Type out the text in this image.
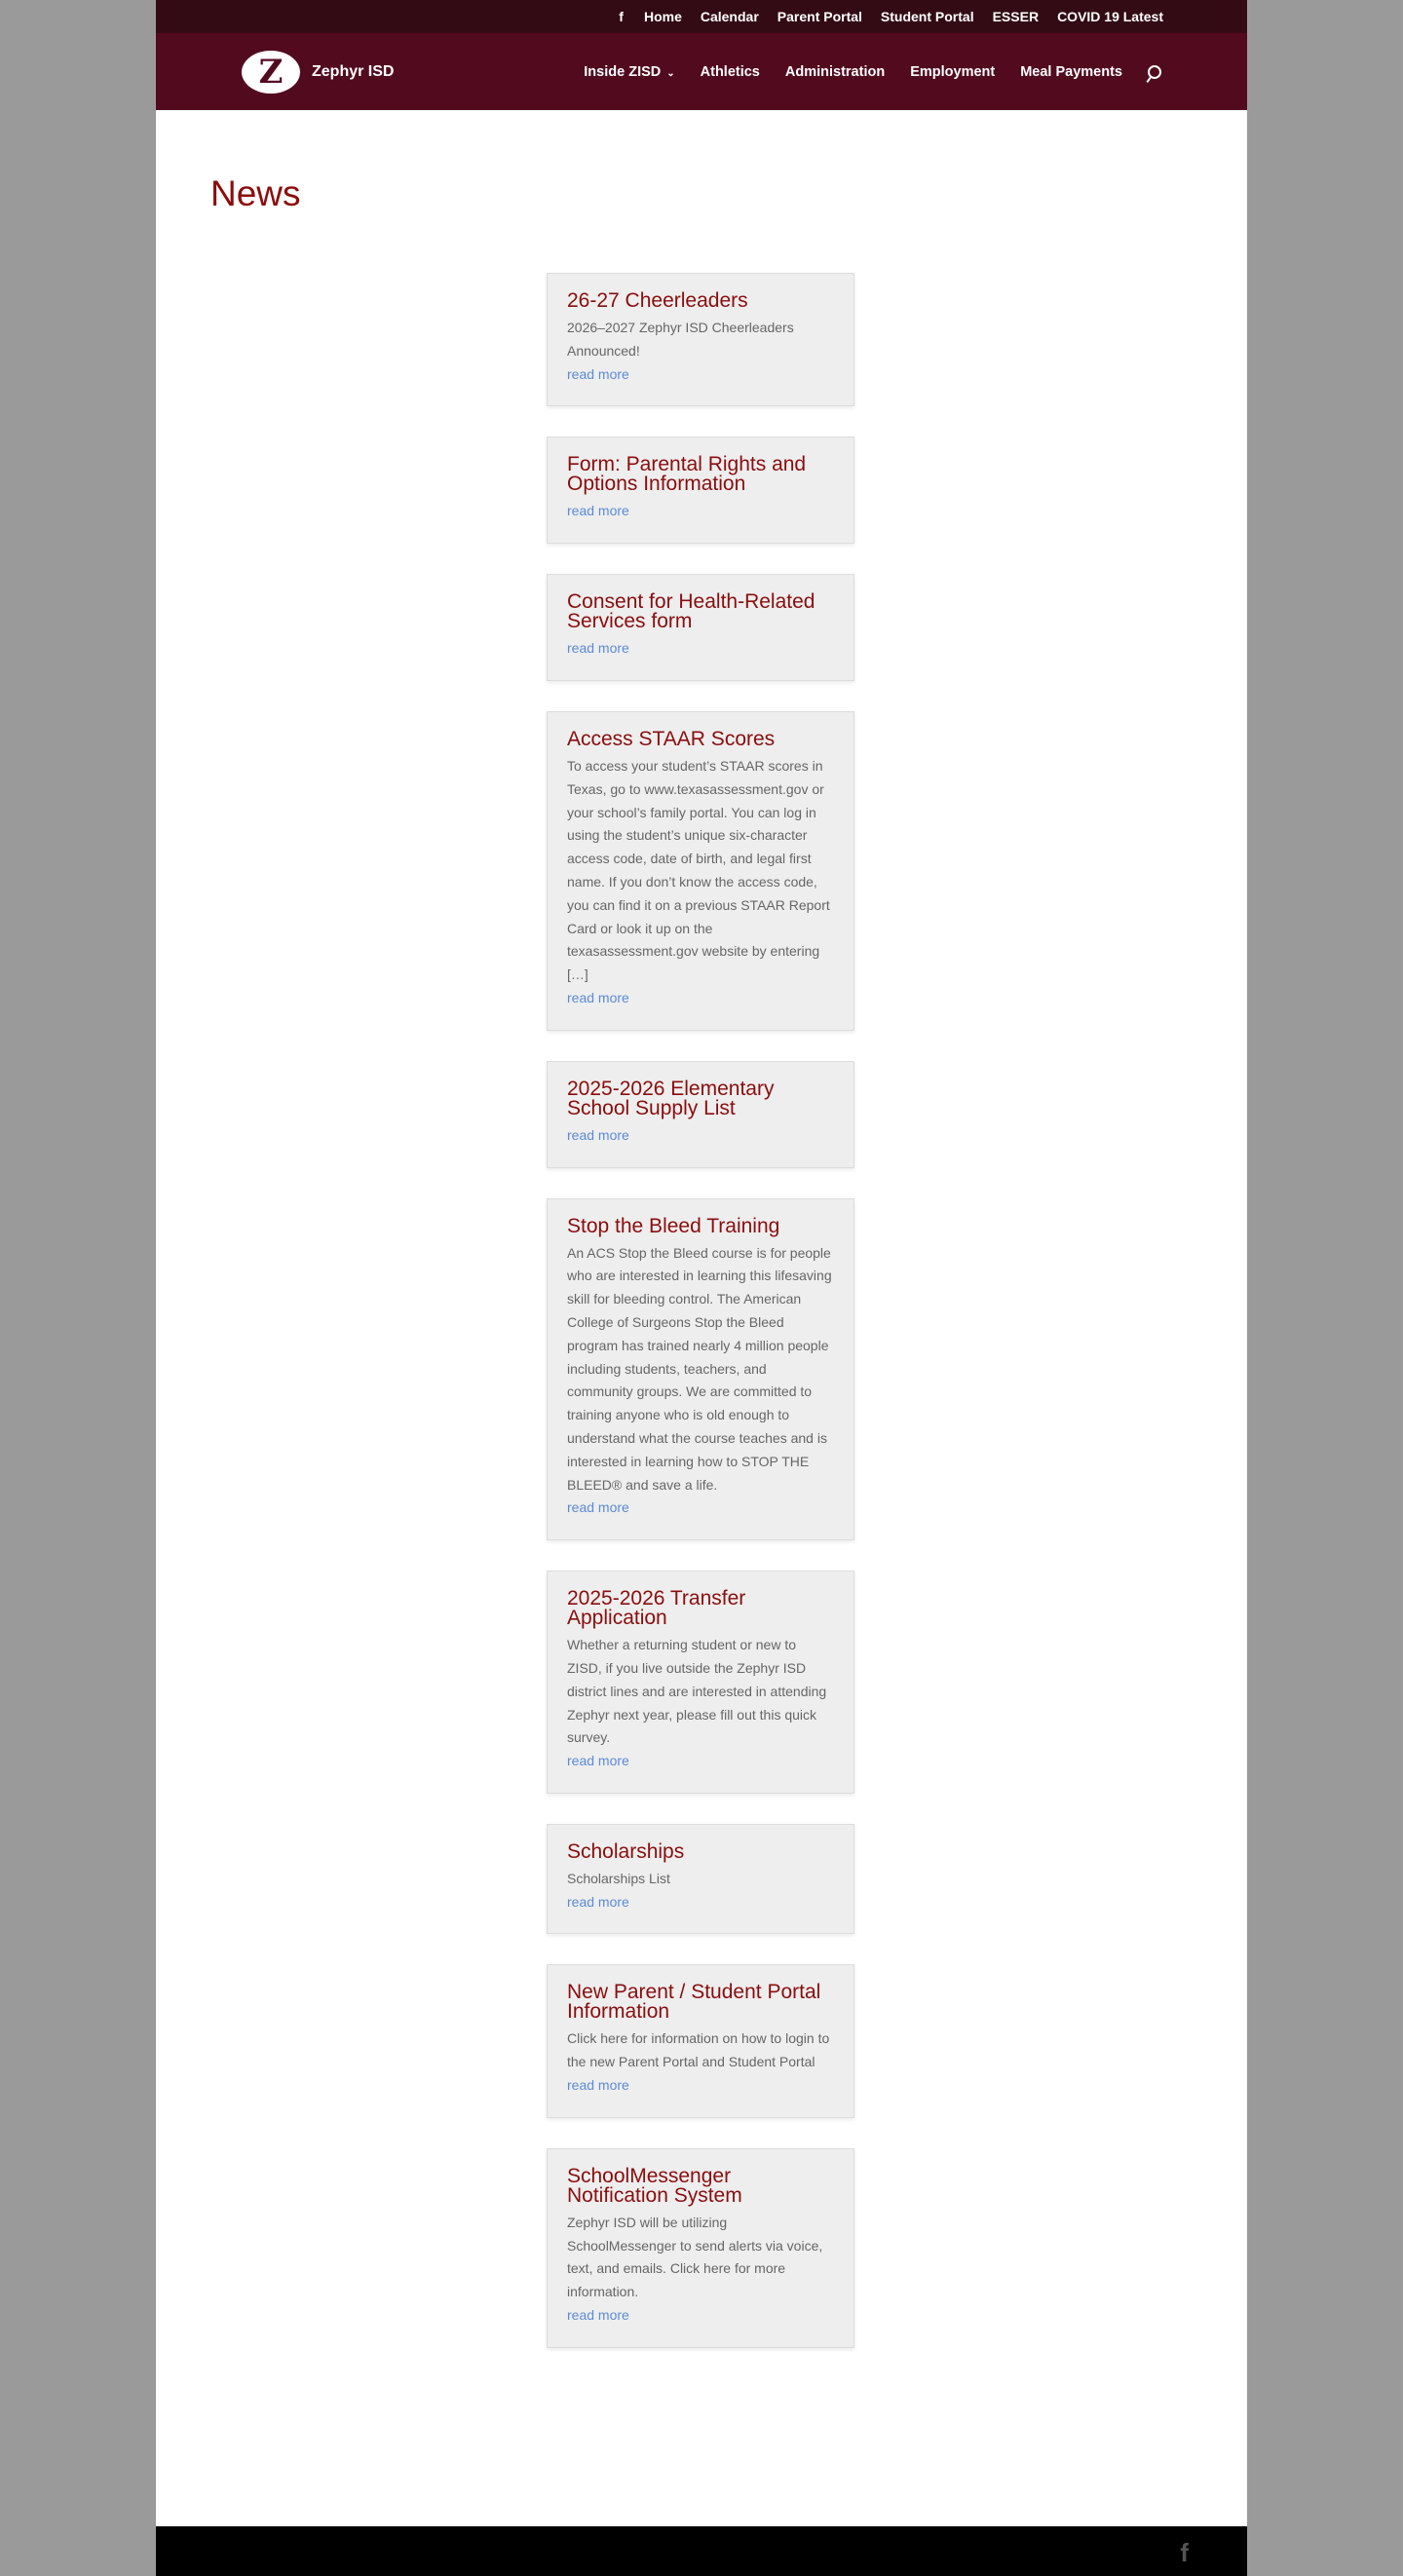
f Home Calendar Parent Portal Student Portal ESSER COVID 19 Latest
Z	Zephyr ISD	Inside ZISD ⌄ Athletics Administration Employment Meal Payments
News
26-27 Cheerleaders

2026–2027 Zephyr ISD Cheerleaders Announced!

read more
Form: Parental Rights and Options Information
read more
Consent for Health-Related Services form
read more
Access STAAR Scores

To access your student’s STAAR scores in Texas, go to www.texasassessment.gov or your school’s family portal. You can log in using the student’s unique six-character access code, date of birth, and legal first name. If you don’t know the access code, you can find it on a previous STAAR Report Card or look it up on the texasassessment.gov website by entering […]

read more
2025-2026 Elementary School Supply List
read more
Stop the Bleed Training

An ACS Stop the Bleed course is for people who are interested in learning this lifesaving skill for bleeding control. The American College of Surgeons Stop the Bleed program has trained nearly 4 million people including students, teachers, and community groups. We are committed to training anyone who is old enough to understand what the course teaches and is interested in learning how to STOP THE BLEED® and save a life.

read more
2025-2026 Transfer Application

Whether a returning student or new to ZISD, if you live outside the Zephyr ISD district lines and are interested in attending Zephyr next year, please fill out this quick survey.

read more
Scholarships

Scholarships List

read more
New Parent / Student Portal Information

Click here for information on how to login to the new Parent Portal and Student Portal

read more
SchoolMessenger Notification System

Zephyr ISD will be utilizing SchoolMessenger to send alerts via voice, text, and emails. Click here for more information.

read more
f
